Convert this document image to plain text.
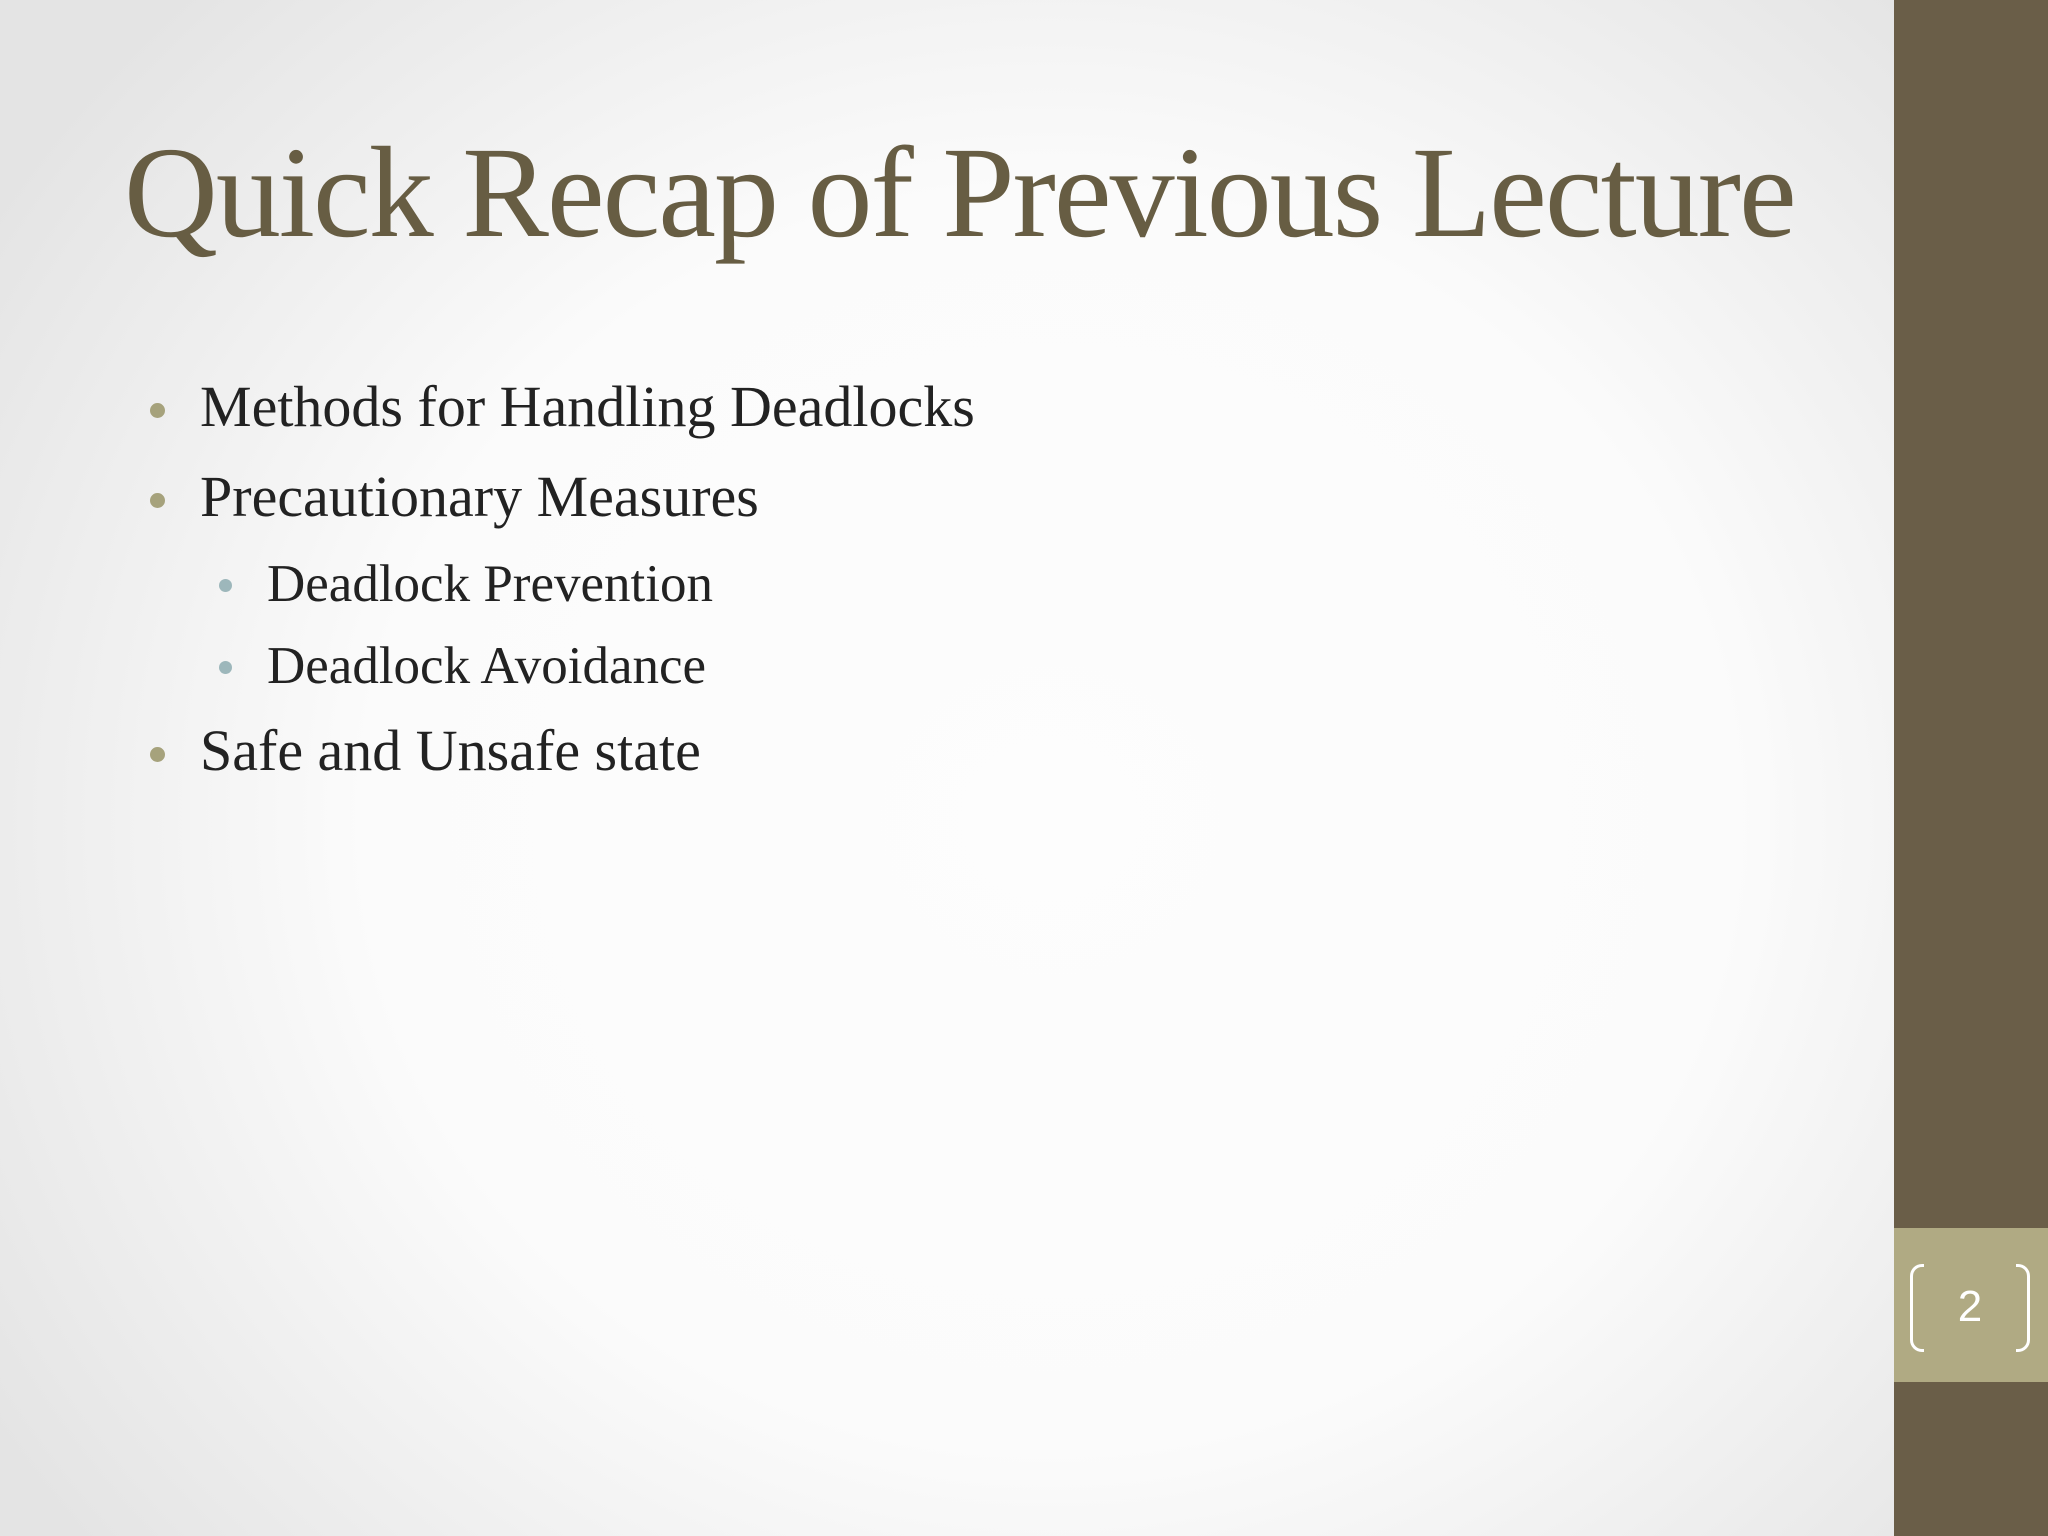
Quick Recap of Previous Lecture
Methods for Handling Deadlocks
Precautionary Measures
Deadlock Prevention
Deadlock Avoidance
Safe and Unsafe state
2
